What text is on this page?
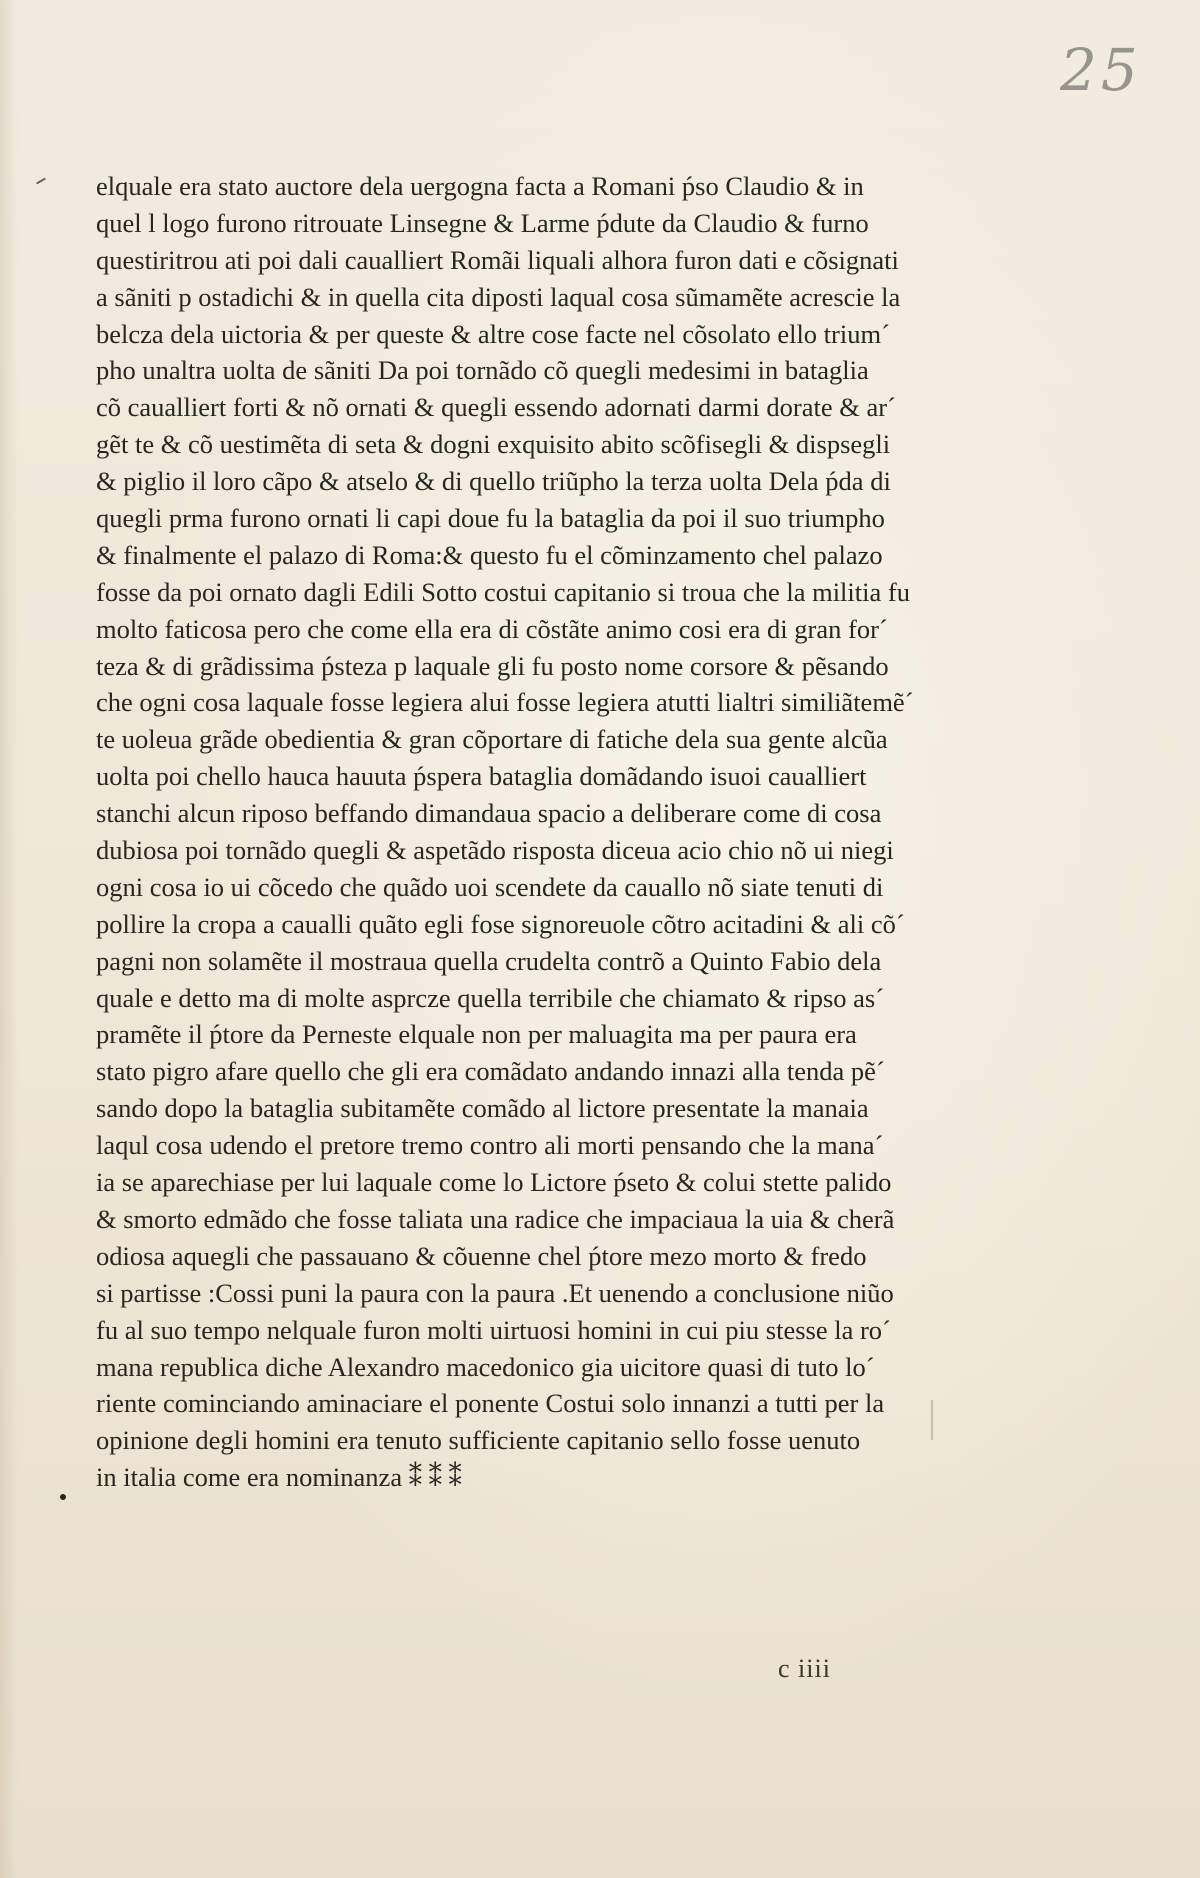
25
elquale era stato auctore dela uergogna facta a Romani ṕso Claudio & in
quel l logo furono ritrouate Linsegne & Larme ṕdute da Claudio & furno
questiritrou ati poi dali caualliert Romãi liquali alhora furon dati e cõsignati
a sãniti p ostadichi & in quella cita diposti laqual cosa sũmamẽte acrescie la
belcza dela uictoria & per queste & altre cose facte nel cõsolato ello trium´
pho unaltra uolta de sãniti Da poi tornãdo cõ quegli medesimi in bataglia
cõ caualliert forti & nõ ornati & quegli essendo adornati darmi dorate & ar´
gẽt te & cõ uestimẽta di seta & dogni exquisito abito scõfisegli & dispsegli
& piglio il loro cãpo & atselo & di quello triũpho la terza uolta Dela ṕda di
quegli prma furono ornati li capi doue fu la bataglia da poi il suo triumpho
& finalmente el palazo di Roma:& questo fu el cõminzamento chel palazo
fosse da poi ornato dagli Edili Sotto costui capitanio si troua che la militia fu
molto faticosa pero che come ella era di cõstãte animo cosi era di gran for´
teza & di grãdissima ṕsteza p laquale gli fu posto nome corsore & pẽsando
che ogni cosa laquale fosse legiera alui fosse legiera atutti lialtri similiãtemẽ´
te uoleua grãde obedientia & gran cõportare di fatiche dela sua gente alcũa
uolta poi chello haucа hauuta ṕspera bataglia domãdando isuoi caualliert
stanchi alcun riposo beffando dimandaua spacio a deliberare come di cosa
dubiosa poi tornãdo quegli & aspetãdo risposta diceua acio chio nõ ui niegi
ogni cosa io ui cõcedo che quãdo uoi scendete da cauallo nõ siate tenuti di
pollire la cropa a caualli quãto egli fose signoreuole cõtro acitadini & ali cõ´
pagni non solamẽte il mostraua quella crudelta contrõ a Quinto Fabio dela
quale e detto ma di molte asprcze quella terribile che chiamato & ripso as´
pramẽte il ṕtore da Perneste elquale non per maluagita ma per paura era
stato pigro afare quello che gli era comãdato andando innazi alla tenda pẽ´
sando dopo la bataglia subitamẽte comãdo al lictore presentate la manaia
laqul cosa udendo el pretore tremo contro ali morti pensando che la mana´
ia se aparechiase per lui laquale come lo Lictore ṕseto & colui stette palido
& smorto edmãdo che fosse taliata una radice che impaciaua la uia & cherã
odiosa aquegli che passauano & cõuenne chel ṕtore mezo morto & fredo
si partisse :Cossi puni la paura con la paura .Et uenendo a conclusione niũo
fu al suo tempo nelquale furon molti uirtuosi homini in cui piu stesse la ro´
mana republica diche Alexandro macedonico gia uicitore quasi di tuto lo´
riente cominciando aminaciare el ponente Costui solo innanzi a tutti per la
opinione degli homini era tenuto sufficiente capitanio sello fosse uenuto
in italia come era nominanza ⁑ ⁑ ⁑
c iiii
